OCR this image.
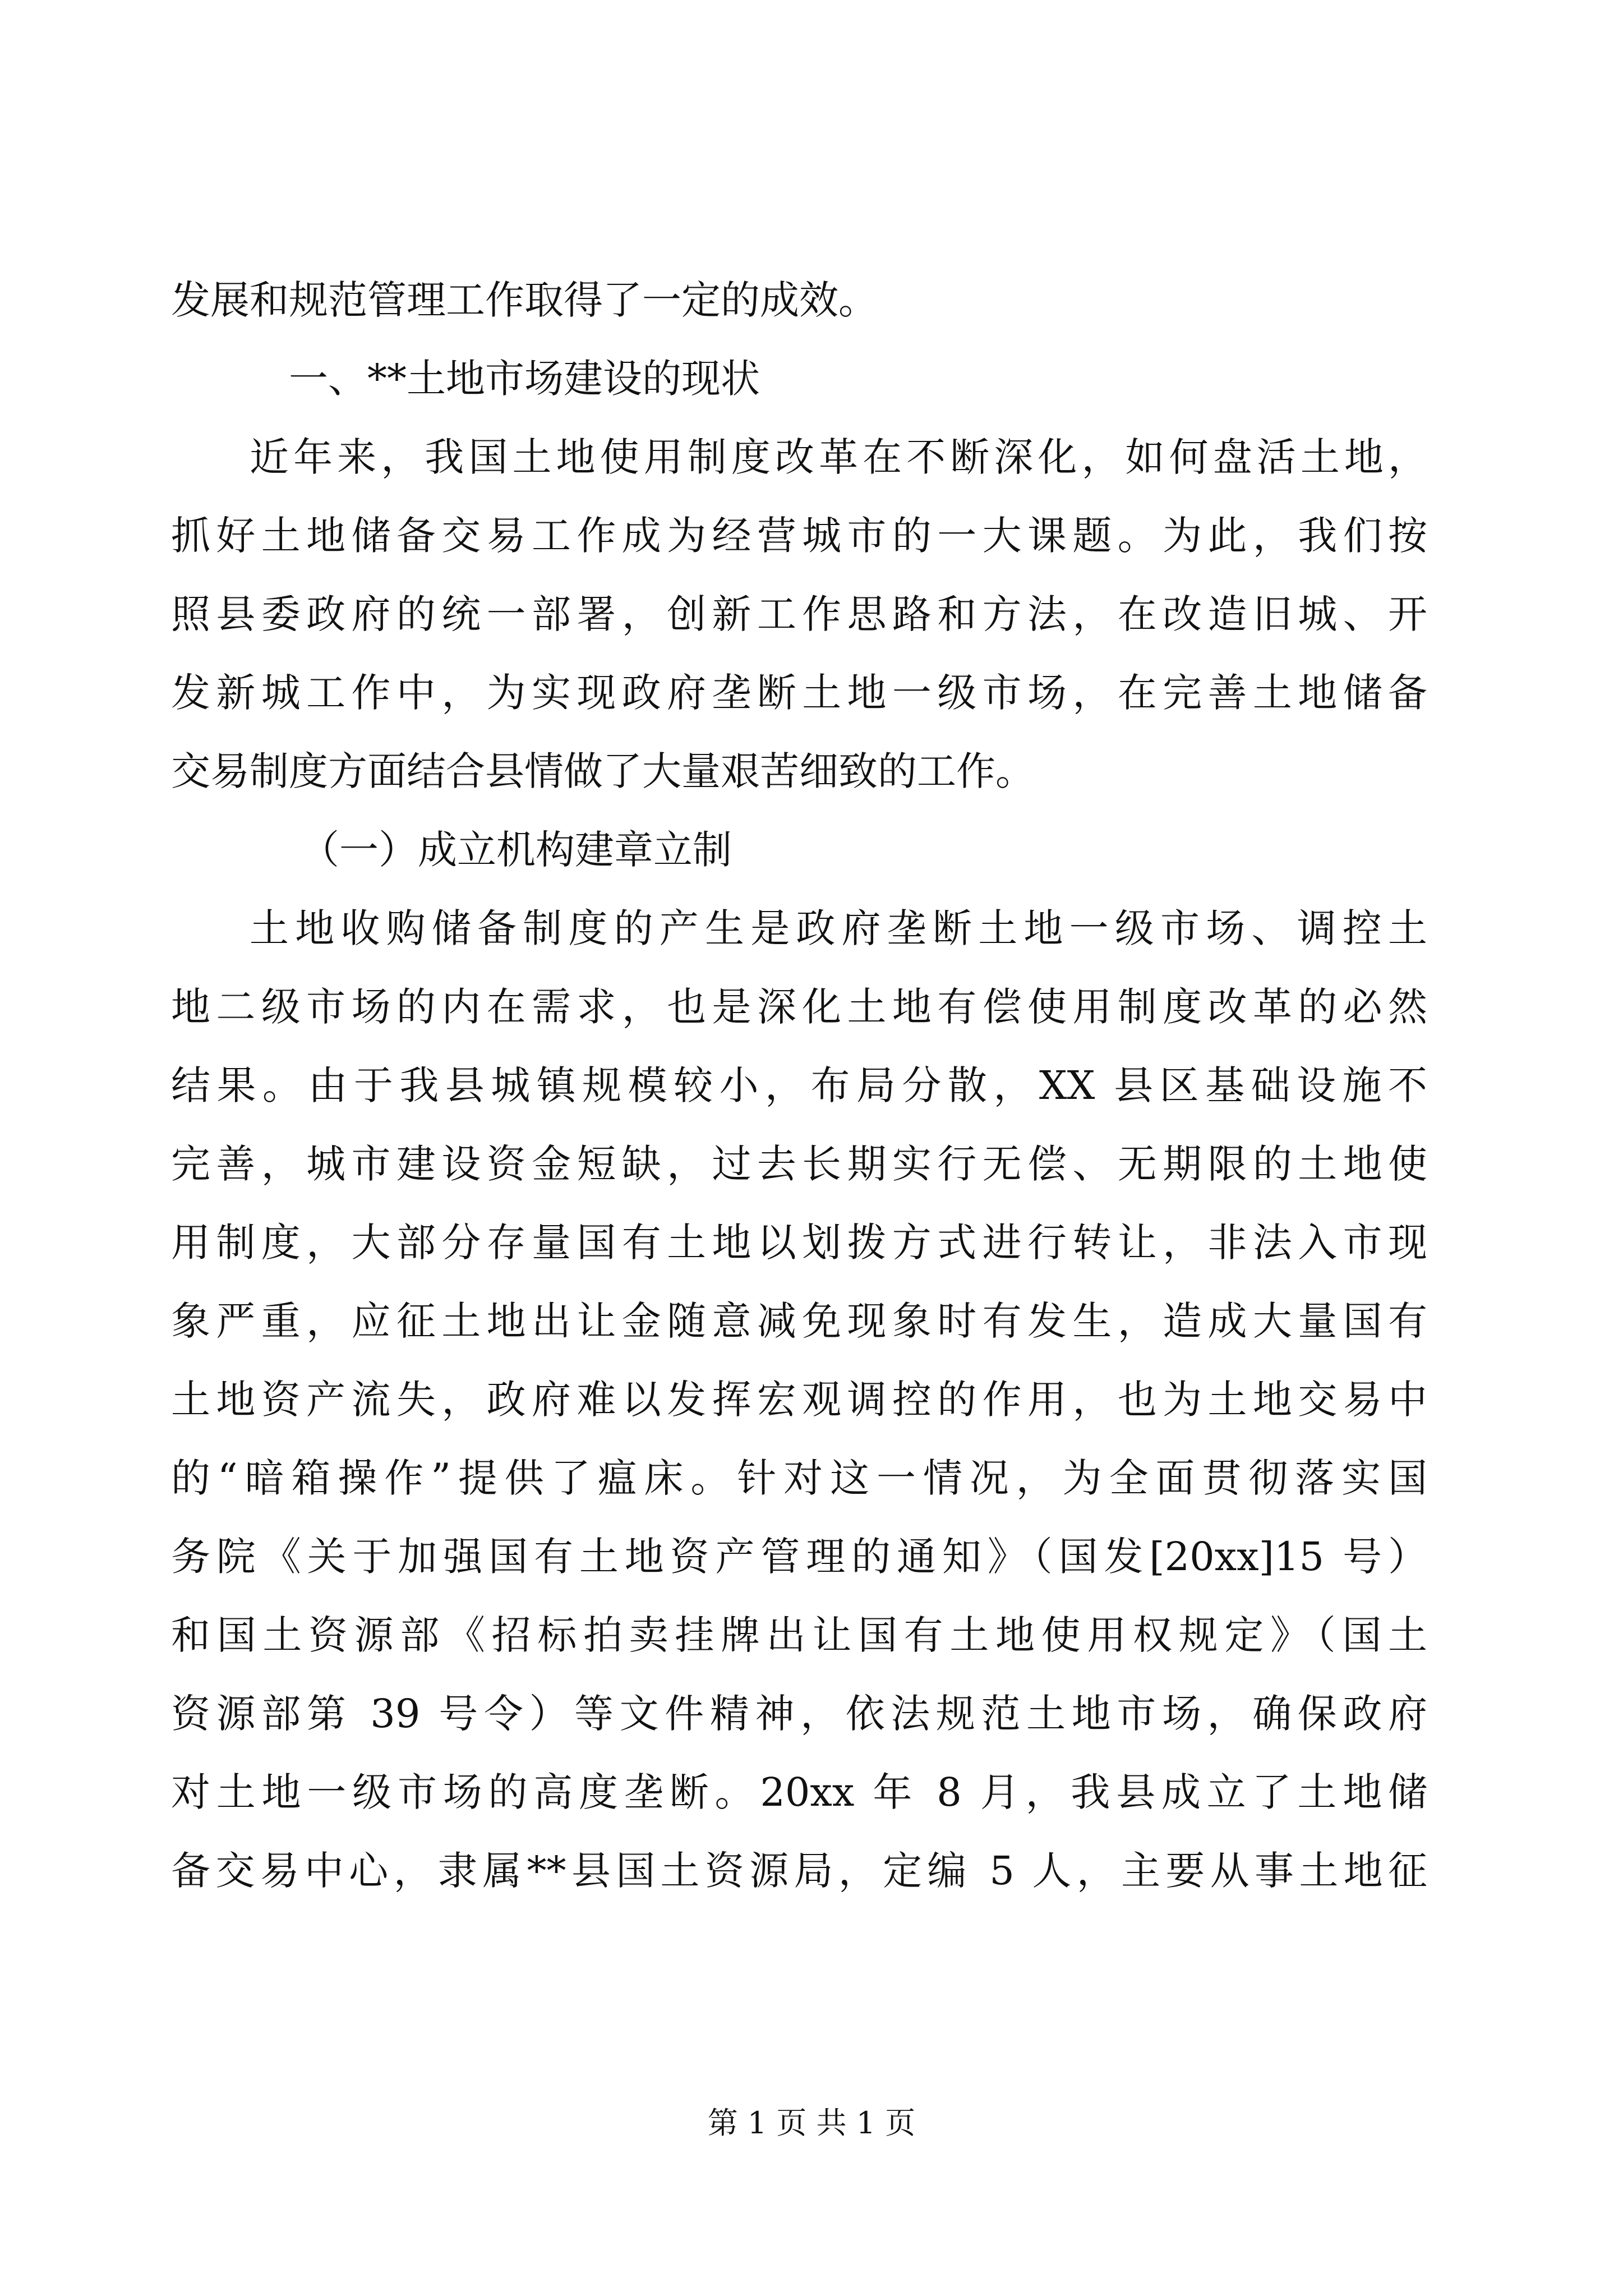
发展和规范管理工作取得了一定的成效。
一、**土地市场建设的现状
近年来，我国土地使用制度改革在不断深化，如何盘活土地，
抓好土地储备交易工作成为经营城市的一大课题。为此，我们按
照县委政府的统一部署，创新工作思路和方法，在改造旧城、开
发新城工作中，为实现政府垄断土地一级市场，在完善土地储备
交易制度方面结合县情做了大量艰苦细致的工作。
（一）成立机构建章立制
土地收购储备制度的产生是政府垄断土地一级市场、调控土
地二级市场的内在需求，也是深化土地有偿使用制度改革的必然
结果。由于我县城镇规模较小，布局分散，XX 县区基础设施不
完善，城市建设资金短缺，过去长期实行无偿、无期限的土地使
用制度，大部分存量国有土地以划拨方式进行转让，非法入市现
象严重，应征土地出让金随意减免现象时有发生，造成大量国有
土地资产流失，政府难以发挥宏观调控的作用，也为土地交易中
的“暗箱操作”提供了瘟床。针对这一情况，为全面贯彻落实国
务院《关于加强国有土地资产管理的通知》（国发[20xx]15 号）
和国土资源部《招标拍卖挂牌出让国有土地使用权规定》（国土
资源部第 39 号令）等文件精神，依法规范土地市场，确保政府
对土地一级市场的高度垄断。20xx 年 8 月，我县成立了土地储
备交易中心，隶属**县国土资源局，定编 5 人，主要从事土地征
第 1 页 共 1 页
